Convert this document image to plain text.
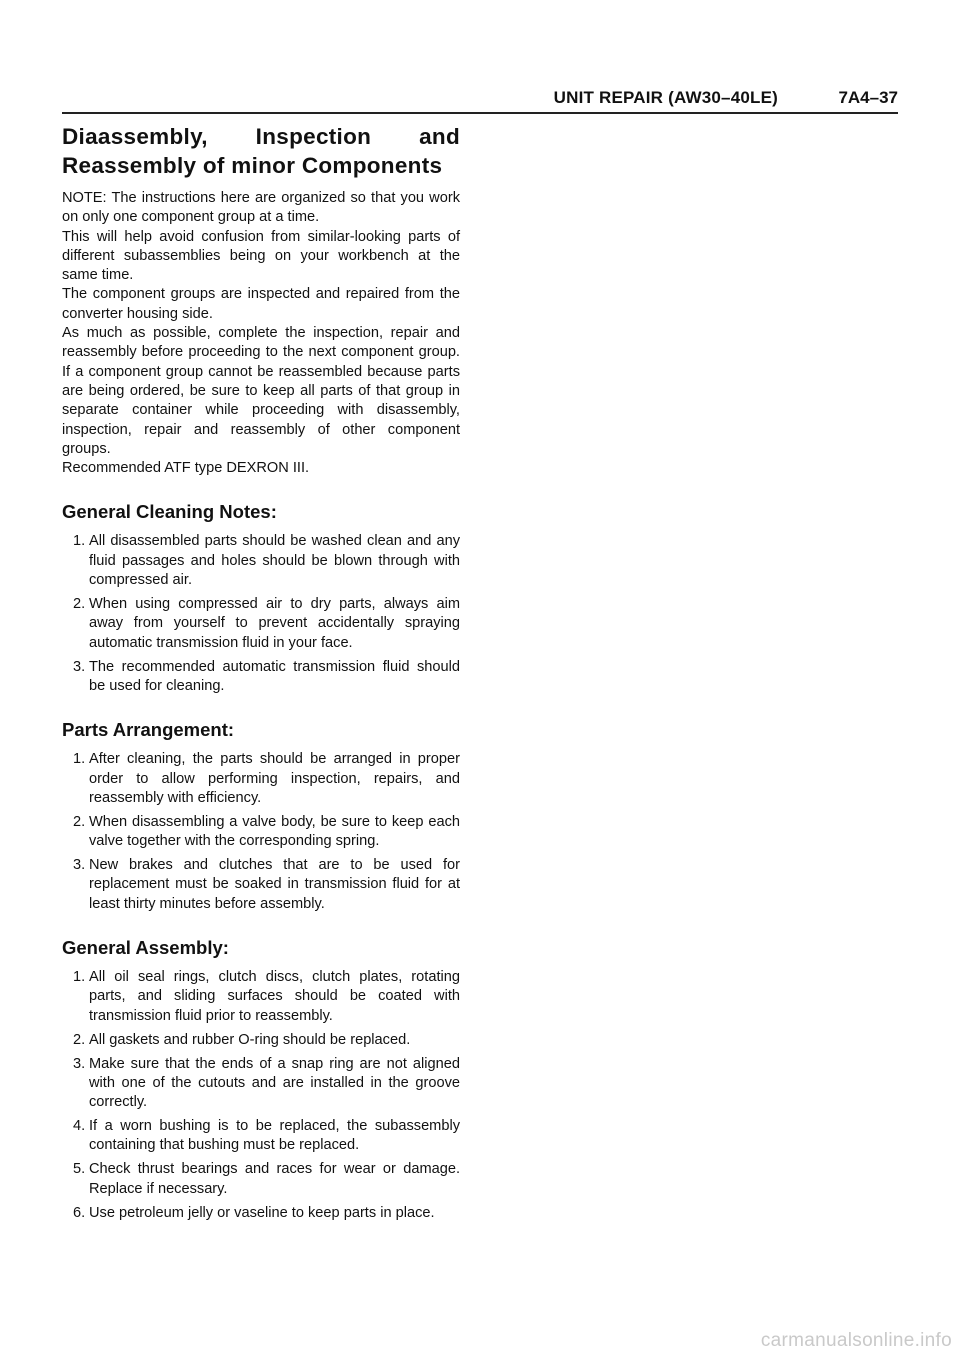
UNIT REPAIR (AW30–40LE)	7A4–37
Diaassembly, Inspection and Reassembly of minor Components

NOTE: The instructions here are organized so that you work on only one component group at a time.

This will help avoid confusion from similar-looking parts of different subassemblies being on your workbench at the same time.

The component groups are inspected and repaired from the converter housing side.

As much as possible, complete the inspection, repair and reassembly before proceeding to the next component group. If a component group cannot be reassembled because parts are being ordered, be sure to keep all parts of that group in separate container while proceeding with disassembly, inspection, repair and reassembly of other component groups.

Recommended ATF type DEXRON III.

General Cleaning Notes:
1. All disassembled parts should be washed clean and any fluid passages and holes should be blown through with compressed air.
2. When using compressed air to dry parts, always aim away from yourself to prevent accidentally spraying automatic transmission fluid in your face.
3. The recommended automatic transmission fluid should be used for cleaning.
Parts Arrangement:
1. After cleaning, the parts should be arranged in proper order to allow performing inspection, repairs, and reassembly with efficiency.
2. When disassembling a valve body, be sure to keep each valve together with the corresponding spring.
3. New brakes and clutches that are to be used for replacement must be soaked in transmission fluid for at least thirty minutes before assembly.
General Assembly:
1. All oil seal rings, clutch discs, clutch plates, rotating parts, and sliding surfaces should be coated with transmission fluid prior to reassembly.
2. All gaskets and rubber O-ring should be replaced.
3. Make sure that the ends of a snap ring are not aligned with one of the cutouts and are installed in the groove correctly.
4. If a worn bushing is to be replaced, the subassembly containing that bushing must be replaced.
5. Check thrust bearings and races for wear or damage. Replace if necessary.
6. Use petroleum jelly or vaseline to keep parts in place.
carmanualsonline.info
